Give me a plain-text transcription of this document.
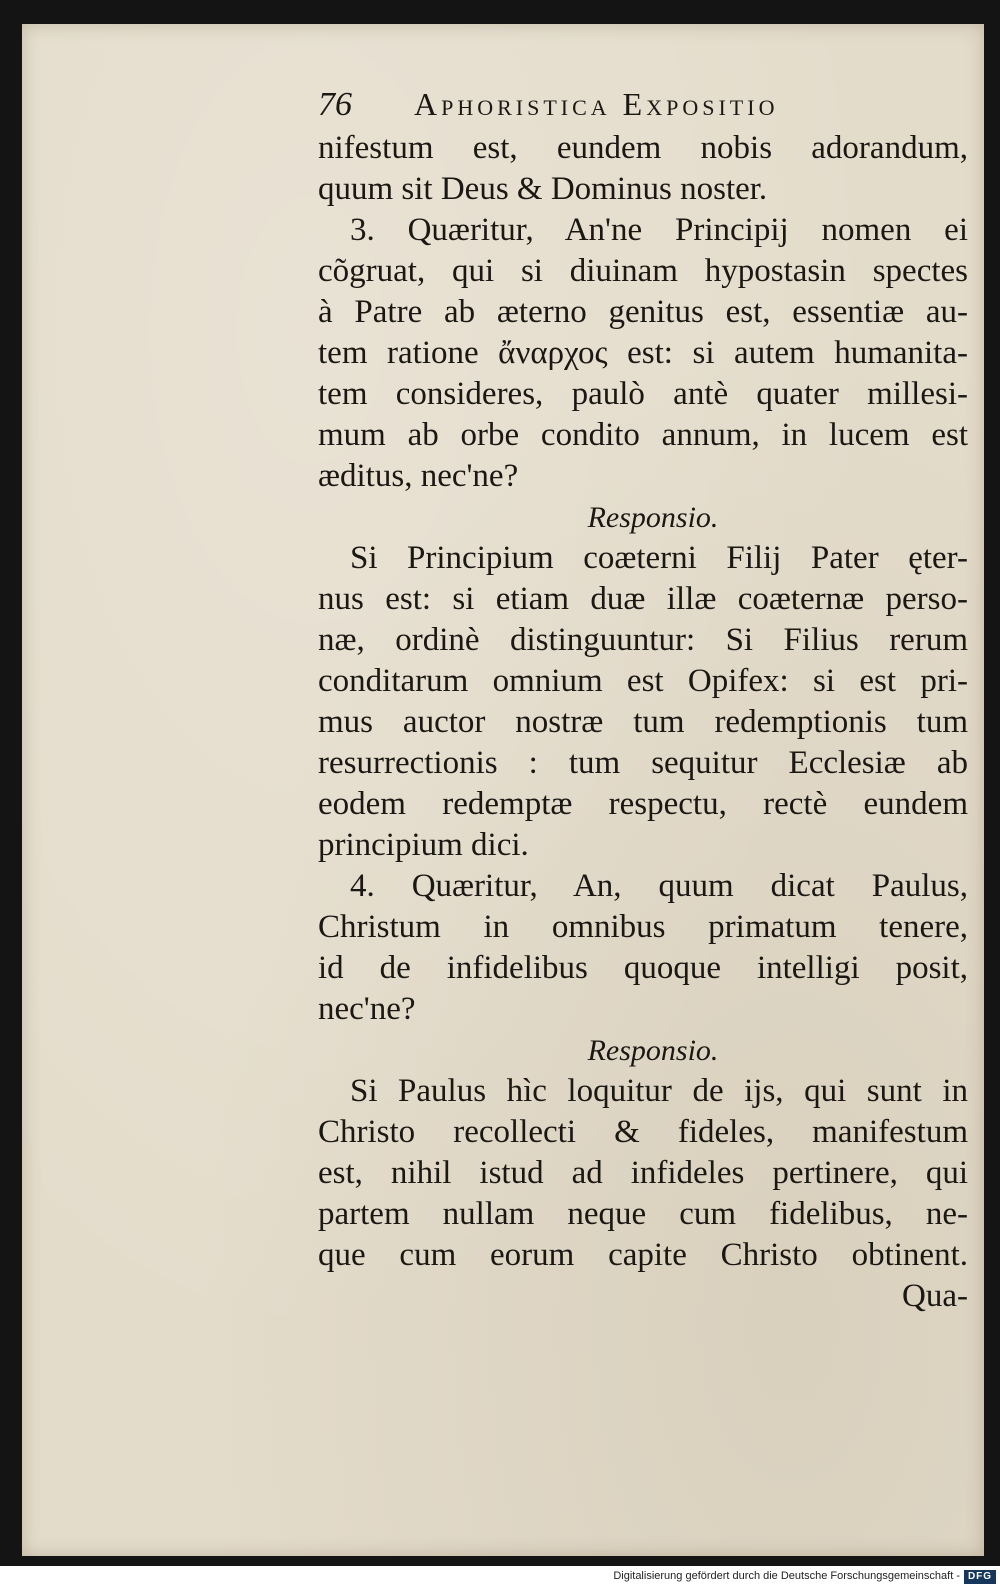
76	Aphoristica Expositio
nifestum est, eundem nobis adorandum,
quum sit Deus & Dominus noster.
3. Quæritur, An'ne Principij nomen ei
cõgruat, qui si diuinam hypostasin spectes
à Patre ab æterno genitus est, essentiæ au-
tem ratione ἄναρχος est: si autem humanita-
tem consideres, paulò antè quater millesi-
mum ab orbe condito annum, in lucem est
æditus, nec'ne?
Responsio.
Si Principium coæterni Filij Pater ęter-
nus est: si etiam duæ illæ coæternæ perso-
næ, ordinè distinguuntur: Si Filius rerum
conditarum omnium est Opifex: si est pri-
mus auctor nostræ tum redemptionis tum
resurrectionis : tum sequitur Ecclesiæ ab
eodem redemptæ respectu, rectè eundem
principium dici.
4. Quæritur, An, quum dicat Paulus,
Christum in omnibus primatum tenere,
id de infidelibus quoque intelligi posit,
nec'ne?
Responsio.
Si Paulus hìc loquitur de ijs, qui sunt in
Christo recollecti & fideles, manifestum
est, nihil istud ad infideles pertinere, qui
partem nullam neque cum fidelibus, ne-
que cum eorum capite Christo obtinent.
Qua-
Digitalisierung gefördert durch die Deutsche Forschungsgemeinschaft - DFG
